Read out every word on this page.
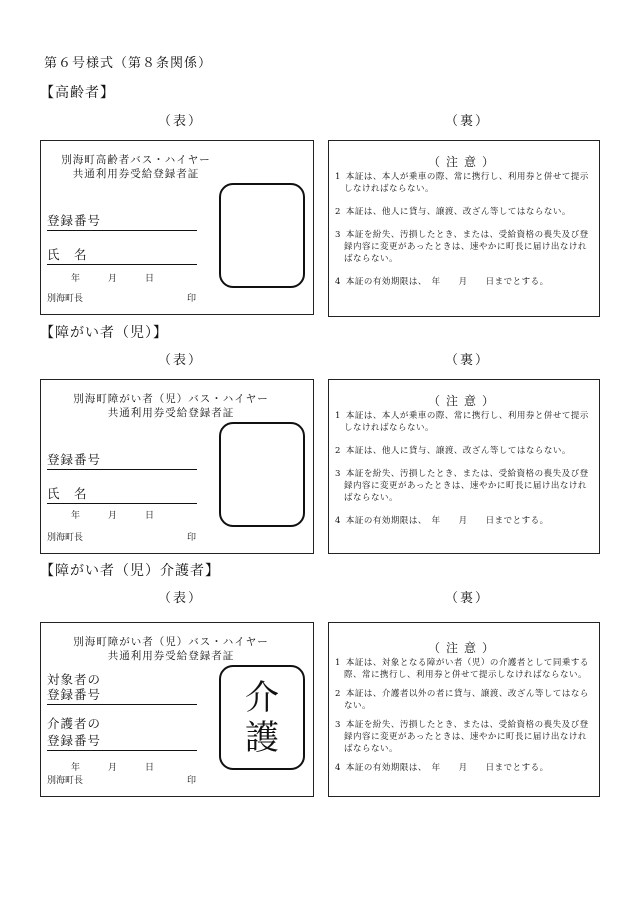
第６号様式（第８条関係）
【高齢者】
（表）	（裏）
別海町高齢者バス・ハイヤー
共通利用券受給登録者証
登録番号
氏　名
年	月	日
別海町長	印
（注意）
1 本証は、本人が乗車の際、常に携行し、利用券と併せて提示しなければならない。
2 本証は、他人に貸与、譲渡、改ざん等してはならない。
3 本証を紛失、汚損したとき、または、受給資格の喪失及び登録内容に変更があったときは、速やかに町長に届け出なければならない。
4 本証の有効期限は、　年　　月　　日までとする。
【障がい者（児）】
（表）	（裏）
別海町障がい者（児）バス・ハイヤー
共通利用券受給登録者証
登録番号
氏　名
年	月	日
別海町長	印
（注意）
1 本証は、本人が乗車の際、常に携行し、利用券と併せて提示しなければならない。
2 本証は、他人に貸与、譲渡、改ざん等してはならない。
3 本証を紛失、汚損したとき、または、受給資格の喪失及び登録内容に変更があったときは、速やかに町長に届け出なければならない。
4 本証の有効期限は、　年　　月　　日までとする。
【障がい者（児）介護者】
（表）	（裏）
別海町障がい者（児）バス・ハイヤー
共通利用券受給登録者証
介
護
対象者の
登録番号
介護者の
登録番号
年	月	日
別海町長	印
（注意）
1 本証は、対象となる障がい者（児）の介護者として同乗する際、常に携行し、利用券と併せて提示しなければならない。
2 本証は、介護者以外の者に貸与、譲渡、改ざん等してはならない。
3 本証を紛失、汚損したとき、または、受給資格の喪失及び登録内容に変更があったときは、速やかに町長に届け出なければならない。
4 本証の有効期限は、　年　　月　　日までとする。
